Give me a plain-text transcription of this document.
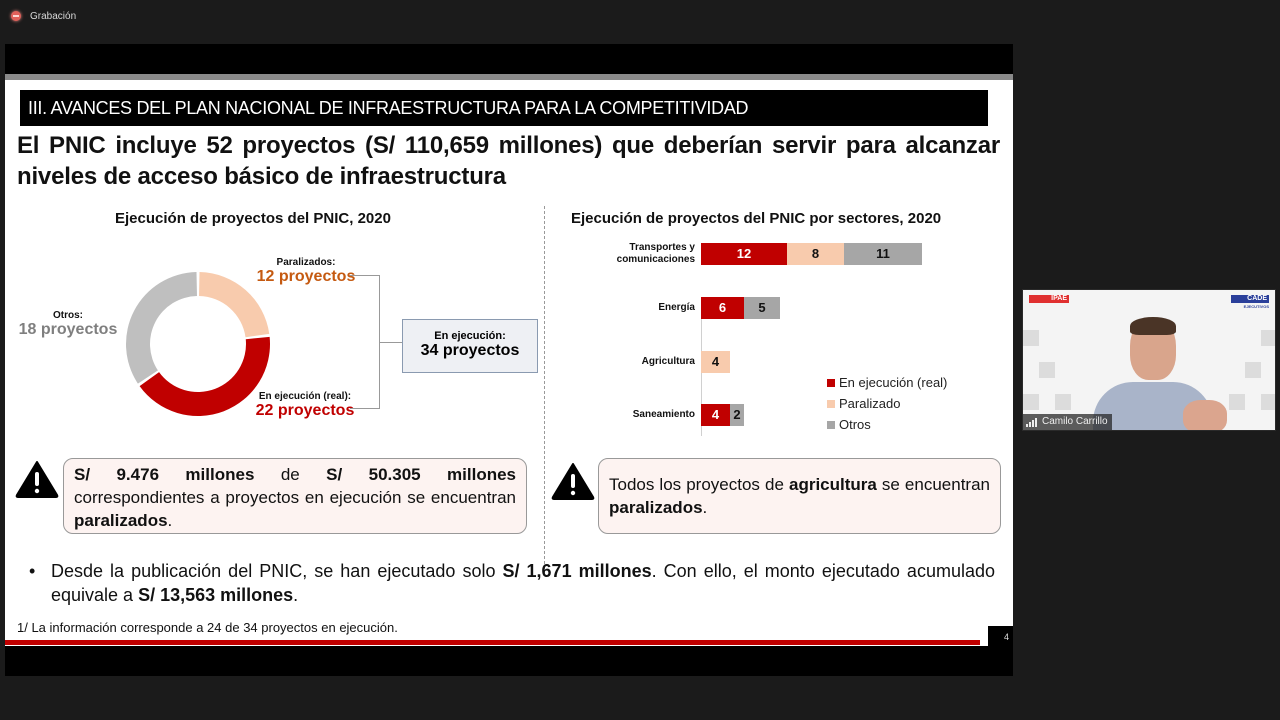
Grabación
III. AVANCES DEL PLAN NACIONAL DE INFRAESTRUCTURA PARA LA COMPETITIVIDAD
El PNIC incluye 52 proyectos (S/ 110,659 millones) que deberían servir para alcanzar niveles de acceso básico de infraestructura
Ejecución de proyectos del PNIC, 2020
Paralizados:
12 proyectos
Otros:
18 proyectos
En ejecución (real):
22 proyectos
En ejecución:
34 proyectos
Ejecución de proyectos del PNIC por sectores, 2020
Transportes y
comunicaciones	12	8	11
Energía	6	5
Agricultura	4
Saneamiento	4	2
En ejecución (real)
Paralizado
Otros
S/ 9.476 millones de S/ 50.305 millones correspondientes a proyectos en ejecución se encuentran paralizados.
Todos los proyectos de agricultura se encuentran paralizados.
• Desde la publicación del PNIC, se han ejecutado solo S/ 1,671 millones. Con ello, el monto ejecutado acumulado equivale a S/ 13,563 millones.
1/ La información corresponde a 24 de 34 proyectos en ejecución.
4
IPAE	CADE
EJECUTIVOS
Camilo Carrillo
